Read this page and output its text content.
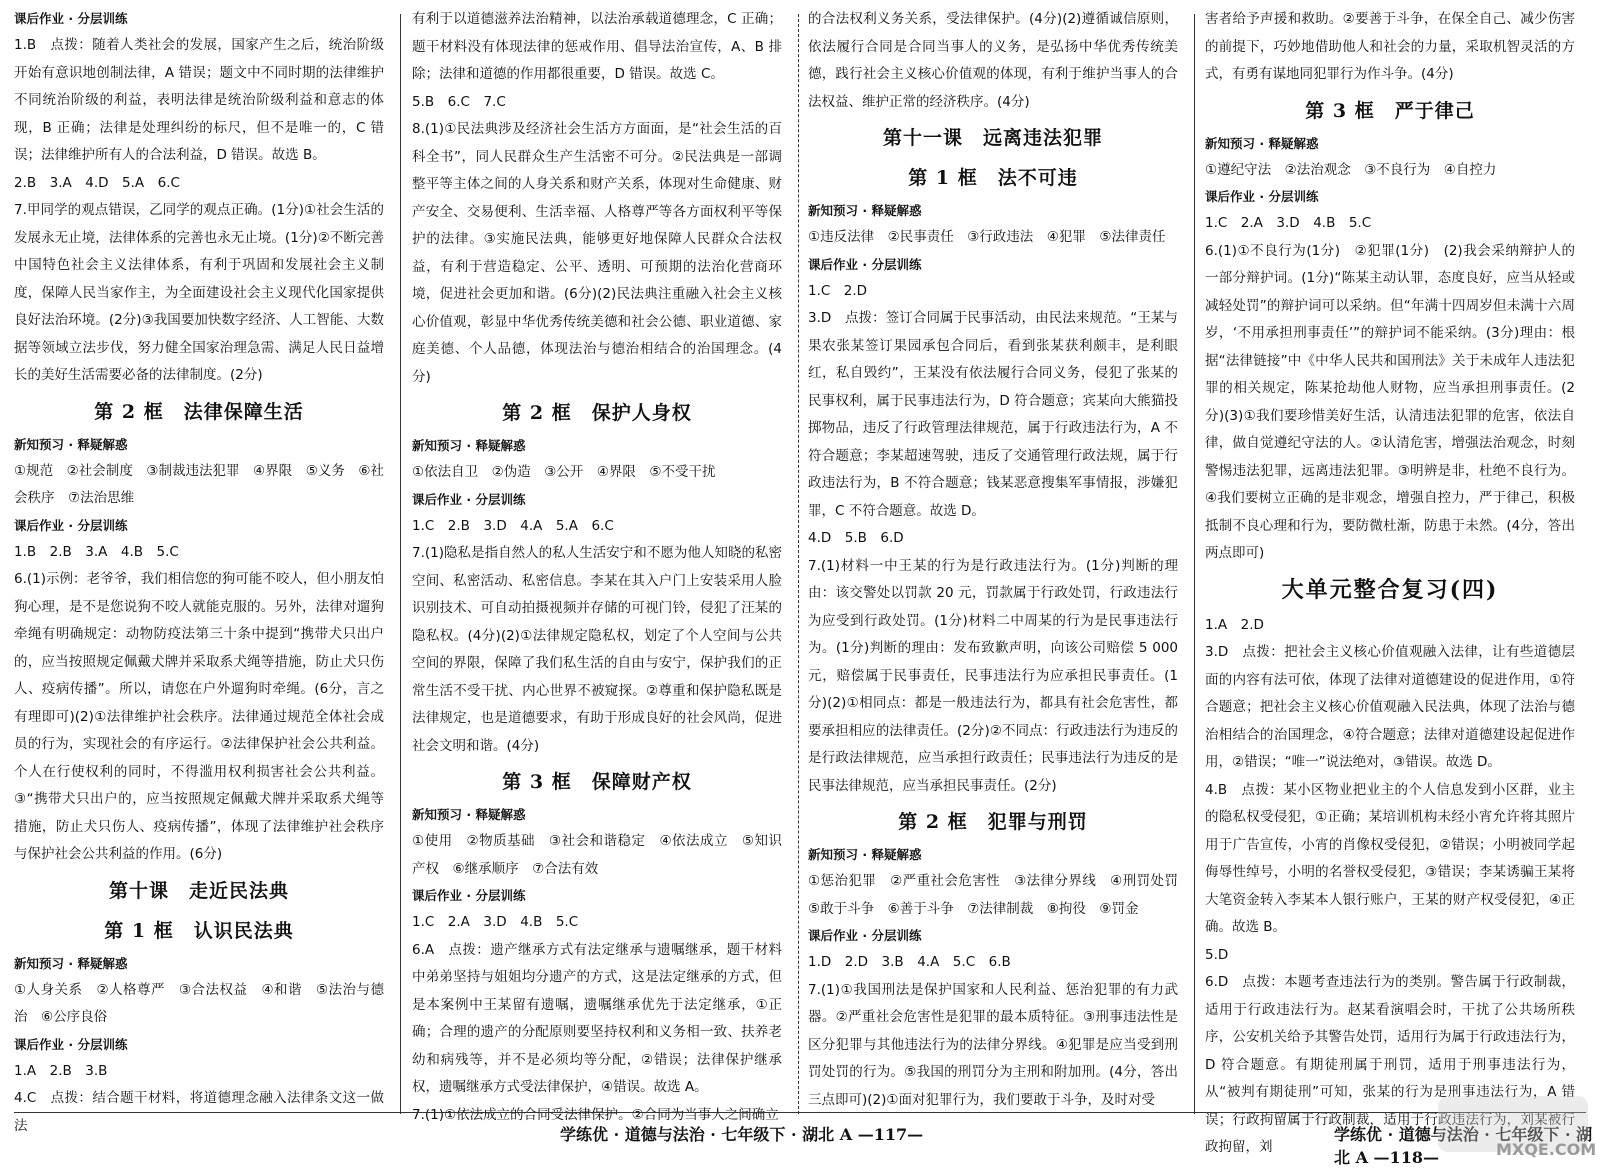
课后作业 · 分层训练

1.B　点拨：随着人类社会的发展，国家产生之后，统治阶级开始有意识地创制法律，A 错误；题文中不同时期的法律维护不同统治阶级的利益，表明法律是统治阶级利益和意志的体现，B 正确；法律是处理纠纷的标尺，但不是唯一的，C 错误；法律维护所有人的合法利益，D 错误。故选 B。

2.B　3.A　4.D　5.A　6.C

7.甲同学的观点错误，乙同学的观点正确。(1分)①社会生活的发展永无止境，法律体系的完善也永无止境。(1分)②不断完善中国特色社会主义法律体系，有利于巩固和发展社会主义制度，保障人民当家作主，为全面建设社会主义现代化国家提供良好法治环境。(2分)③我国要加快数字经济、人工智能、大数据等领域立法步伐，努力健全国家治理急需、满足人民日益增长的美好生活需要必备的法律制度。(2分)

第 2 框　法律保障生活
新知预习 · 释疑解惑

①规范　②社会制度　③制裁违法犯罪　④界限　⑤义务　⑥社会秩序　⑦法治思维

课后作业 · 分层训练

1.B　2.B　3.A　4.B　5.C

6.(1)示例：老爷爷，我们相信您的狗可能不咬人，但小朋友怕狗心理，是不是您说狗不咬人就能克服的。另外，法律对遛狗牵绳有明确规定：动物防疫法第三十条中提到“携带犬只出户的，应当按照规定佩戴犬牌并采取系犬绳等措施，防止犬只伤人、疫病传播”。所以，请您在户外遛狗时牵绳。(6分，言之有理即可)(2)①法律维护社会秩序。法律通过规范全体社会成员的行为，实现社会的有序运行。②法律保护社会公共利益。个人在行使权利的同时，不得滥用权利损害社会公共利益。③“携带犬只出户的，应当按照规定佩戴犬牌并采取系犬绳等措施，防止犬只伤人、疫病传播”，体现了法律维护社会秩序与保护社会公共利益的作用。(6分)

第十课　走近民法典
第 1 框　认识民法典
新知预习 · 释疑解惑

①人身关系　②人格尊严　③合法权益　④和谐　⑤法治与德治　⑥公序良俗

课后作业 · 分层训练

1.A　2.B　3.B

4.C　点拨：结合题干材料，将道德理念融入法律条文这一做法

有利于以道德滋养法治精神，以法治承载道德理念，C 正确；题干材料没有体现法律的惩戒作用、倡导法治宣传，A、B 排除；法律和道德的作用都很重要，D 错误。故选 C。

5.B　6.C　7.C

8.(1)①民法典涉及经济社会生活方方面面，是“社会生活的百科全书”，同人民群众生产生活密不可分。②民法典是一部调整平等主体之间的人身关系和财产关系，体现对生命健康、财产安全、交易便利、生活幸福、人格尊严等各方面权利平等保护的法律。③实施民法典，能够更好地保障人民群众合法权益，有利于营造稳定、公平、透明、可预期的法治化营商环境，促进社会更加和谐。(6分)(2)民法典注重融入社会主义核心价值观，彰显中华优秀传统美德和社会公德、职业道德、家庭美德、个人品德，体现法治与德治相结合的治国理念。(4分)

第 2 框　保护人身权
新知预习 · 释疑解惑

①依法自卫　②伪造　③公开　④界限　⑤不受干扰

课后作业 · 分层训练

1.C　2.B　3.D　4.A　5.A　6.C

7.(1)隐私是指自然人的私人生活安宁和不愿为他人知晓的私密空间、私密活动、私密信息。李某在其入户门上安装采用人脸识别技术、可自动拍摄视频并存储的可视门铃，侵犯了汪某的隐私权。(4分)(2)①法律规定隐私权，划定了个人空间与公共空间的界限，保障了我们私生活的自由与安宁，保护我们的正常生活不受干扰、内心世界不被窥探。②尊重和保护隐私既是法律规定，也是道德要求，有助于形成良好的社会风尚，促进社会文明和谐。(4分)

第 3 框　保障财产权
新知预习 · 释疑解惑

①使用　②物质基础　③社会和谐稳定　④依法成立　⑤知识产权　⑥继承顺序　⑦合法有效

课后作业 · 分层训练

1.C　2.A　3.D　4.B　5.C

6.A　点拨：遗产继承方式有法定继承与遗嘱继承，题干材料中弟弟坚持与姐姐均分遗产的方式，这是法定继承的方式，但是本案例中王某留有遗嘱，遗嘱继承优先于法定继承，①正确；合理的遗产的分配原则要坚持权利和义务相一致、扶养老幼和病残等，并不是必须均等分配，②错误；法律保护继承权，遗嘱继承方式受法律保护，④错误。故选 A。

7.(1)①依法成立的合同受法律保护。②合同为当事人之间确立

的合法权利义务关系，受法律保护。(4分)(2)遵循诚信原则，依法履行合同是合同当事人的义务，是弘扬中华优秀传统美德，践行社会主义核心价值观的体现，有利于维护当事人的合法权益、维护正常的经济秩序。(4分)

第十一课　远离违法犯罪
第 1 框　法不可违
新知预习 · 释疑解惑

①违反法律　②民事责任　③行政违法　④犯罪　⑤法律责任

课后作业 · 分层训练

1.C　2.D

3.D　点拨：签订合同属于民事活动，由民法来规范。“王某与果农张某签订果园承包合同后，看到张某获利颇丰，是利眼红，私自毁约”，王某没有依法履行合同义务，侵犯了张某的民事权利，属于民事违法行为，D 符合题意；宾某向大熊猫投掷物品，违反了行政管理法律规范，属于行政违法行为，A 不符合题意；李某超速驾驶，违反了交通管理行政法规，属于行政违法行为，B 不符合题意；钱某恶意搜集军事情报，涉嫌犯罪，C 不符合题意。故选 D。

4.D　5.B　6.D

7.(1)材料一中王某的行为是行政违法行为。(1分)判断的理由：该交警处以罚款 20 元，罚款属于行政处罚，行政违法行为应受到行政处罚。(1分)材料二中周某的行为是民事违法行为。(1分)判断的理由：发布致歉声明，向该公司赔偿 5 000 元，赔偿属于民事责任，民事违法行为应承担民事责任。(1分)(2)①相同点：都是一般违法行为，都具有社会危害性，都要承担相应的法律责任。(2分)②不同点：行政违法行为违反的是行政法律规范，应当承担行政责任；民事违法行为违反的是民事法律规范，应当承担民事责任。(2分)

第 2 框　犯罪与刑罚
新知预习 · 释疑解惑

①惩治犯罪　②严重社会危害性　③法律分界线　④刑罚处罚　⑤敢于斗争　⑥善于斗争　⑦法律制裁　⑧拘役　⑨罚金

课后作业 · 分层训练

1.D　2.D　3.B　4.A　5.C　6.B

7.(1)①我国刑法是保护国家和人民利益、惩治犯罪的有力武器。②严重社会危害性是犯罪的最本质特征。③刑事违法性是区分犯罪与其他违法行为的法律分界线。④犯罪是应当受到刑罚处罚的行为。⑤我国的刑罚分为主刑和附加刑。(4分，答出三点即可)(2)①面对犯罪行为，我们要敢于斗争，及时对受

害者给予声援和救助。②要善于斗争，在保全自己、减少伤害的前提下，巧妙地借助他人和社会的力量，采取机智灵活的方式，有勇有谋地同犯罪行为作斗争。(4分)

第 3 框　严于律己
新知预习 · 释疑解惑

①遵纪守法　②法治观念　③不良行为　④自控力

课后作业 · 分层训练

1.C　2.A　3.D　4.B　5.C

6.(1)①不良行为(1分)　②犯罪(1分)　(2)我会采纳辩护人的一部分辩护词。(1分)“陈某主动认罪，态度良好，应当从轻或减轻处罚”的辩护词可以采纳。但“年满十四周岁但未满十六周岁，‘不用承担刑事责任’”的辩护词不能采纳。(3分)理由：根据“法律链接”中《中华人民共和国刑法》关于未成年人违法犯罪的相关规定，陈某抢劫他人财物，应当承担刑事责任。(2分)(3)①我们要珍惜美好生活，认清违法犯罪的危害，依法自律，做自觉遵纪守法的人。②认清危害，增强法治观念，时刻警惕违法犯罪，远离违法犯罪。③明辨是非，杜绝不良行为。④我们要树立正确的是非观念，增强自控力，严于律己，积极抵制不良心理和行为，要防微杜渐，防患于未然。(4分，答出两点即可)

大单元整合复习(四)

1.A　2.D

3.D　点拨：把社会主义核心价值观融入法律，让有些道德层面的内容有法可依，体现了法律对道德建设的促进作用，①符合题意；把社会主义核心价值观融入民法典，体现了法治与德治相结合的治国理念，④符合题意；法律对道德建设起促进作用，②错误；“唯一”说法绝对，③错误。故选 D。

4.B　点拨：某小区物业把业主的个人信息发到小区群，业主的隐私权受侵犯，①正确；某培训机构未经小宵允许将其照片用于广告宣传，小宵的肖像权受侵犯，②错误；小明被同学起侮辱性绰号，小明的名誉权受侵犯，③错误；李某诱骗王某将大笔资金转入李某本人银行账户，王某的财产权受侵犯，④正确。故选 B。

5.D

6.D　点拨：本题考查违法行为的类别。警告属于行政制裁，适用于行政违法行为。赵某看演唱会时，干扰了公共场所秩序，公安机关给予其警告处罚，适用行为属于行政违法行为，D 符合题意。有期徒刑属于刑罚，适用于刑事违法行为，从“被判有期徒刑”可知，张某的行为是刑事违法行为，A 错误；行政拘留属于行政制裁，适用于行政违法行为，刘某被行政拘留，刘

学练优 · 道德与法治 · 七年级下 · 湖北 A —117—	学练优 · 道德与法治 · 七年级下 · 湖北 A —118—	MXQE.COM
